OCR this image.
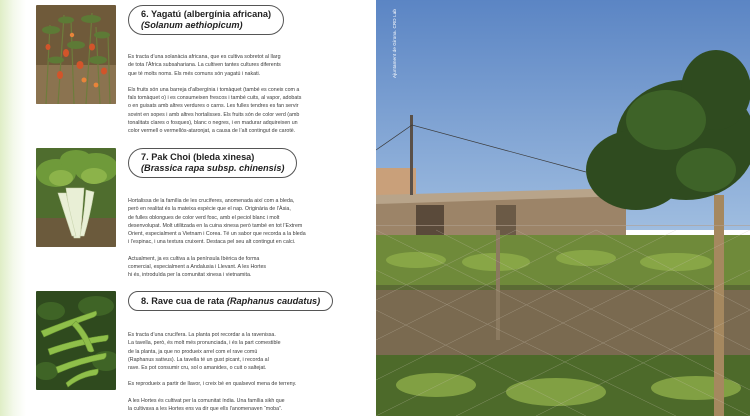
6. Yagatú (albergínia africana)
(Solanum aethiopicum)

Es tracta d’una solanàcia africana, que es cultiva sobretot al llarg
de tota l’Àfrica subsahariana. La cultiven tantes cultures diferents
que té molts noms. Els més comuns són yagatú i nakati.

Els fruits són una barreja d’albergínia i tomàquet (també es coneix com a
fals tomàquet o) i es consumeixen frescos i també cuits, al vapor, adobats
o en guisats amb altres verdures o carns. Les fulles tendres es fan servir
sovint en sopes i amb altres hortalisses. Els fruits són de color verd (amb
tonalitats clares o fosques), blanc o negres, i en madurar adquireixen un
color vermell o vermellós-ataronjat, a causa de l’alt contingut de carotè.

7. Pak Choi (bleda xinesa)
(Brassica rapa subsp. chinensis)

Hortalissa de la família de les crucíferes, anomenada així com a bleda,
però en realitat és la mateixa espècie que el nap. Originària de l’Àsia,
de fulles oblongues de color verd fosc, amb el peciol blanc i molt
desenvolupat. Molt utilitzada en la cuina xinesa però també en tot l’Extrem
Orient, especialment a Vietnam i Corea. Té un sabor que recorda a la bleda
i l’espinac, i una textura cruixent. Destaca pel seu alt contingut en calci.

Actualment, ja es cultiva a la península Ibèrica de forma
comercial, especialment a Andalusia i Llevant. A les Hortes
hi és, introduïda per la comunitat xinesa i vietnamita.

8. Rave cua de rata (Raphanus caudatus)

Es tracta d’una crucífera. La planta pot recordar a la ravenissa.
La tavella, però, és molt més pronunciada, i és la part comestible
de la planta, ja que no produeix arrel com el rave comú
(Raphanus sativus). La tavella té un gust picant, i recorda al
rave. Es pot consumir cru, sol o amanides, o cuit o saltejat.

Es reprodueix a partir de llavor, i creix bé en qualsevol mena de terreny.

A les Hortes és cultivat per la comunitat índia. Una família sikh que
la cultivava a les Hortes ens va dir que ells l’anomenaven “moba”.

Ajuntament de Girona. CRD Lab
